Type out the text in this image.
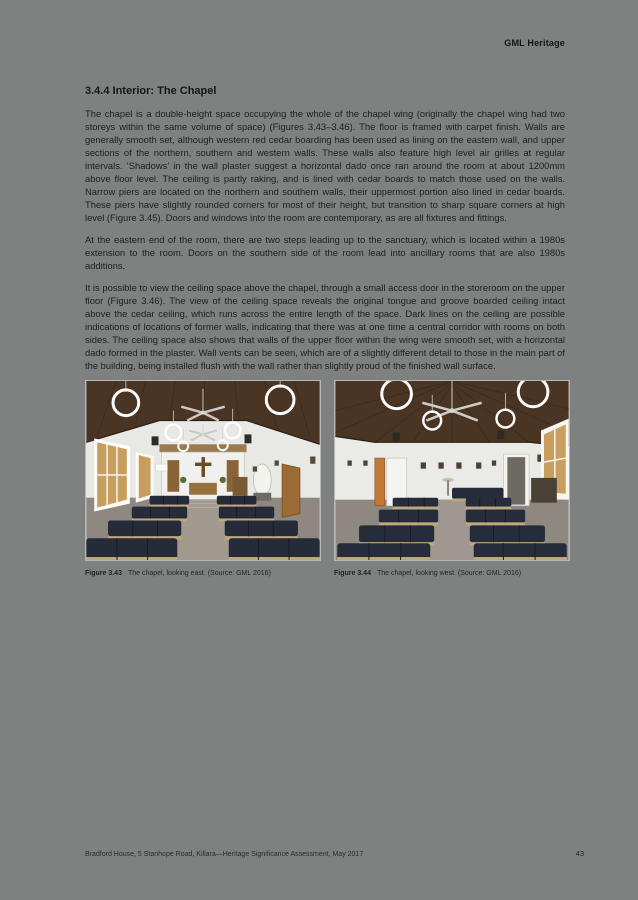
GML Heritage
3.4.4 Interior: The Chapel

The chapel is a double-height space occupying the whole of the chapel wing (originally the chapel wing had two storeys within the same volume of space) (Figures 3.43–3.46). The floor is framed with carpet finish. Walls are generally smooth set, although western red cedar boarding has been used as lining on the eastern wall, and upper sections of the northern, southern and western walls. These walls also feature high level air grilles at regular intervals. ‘Shadows’ in the wall plaster suggest a horizontal dado once ran around the room at about 1200mm above floor level. The ceiling is partly raking, and is lined with cedar boards to match those used on the walls. Narrow piers are located on the northern and southern walls, their uppermost portion also lined in cedar boards. These piers have slightly rounded corners for most of their height, but transition to sharp square corners at high level (Figure 3.45). Doors and windows into the room are contemporary, as are all fixtures and fittings.

At the eastern end of the room, there are two steps leading up to the sanctuary, which is located within a 1980s extension to the room. Doors on the southern side of the room lead into ancillary rooms that are also 1980s additions.

It is possible to view the ceiling space above the chapel, through a small access door in the storeroom on the upper floor (Figure 3.46). The view of the ceiling space reveals the original tongue and groove boarded ceiling intact above the cedar ceiling, which runs across the entire length of the space. Dark lines on the ceiling are possible indications of locations of former walls, indicating that there was at one time a central corridor with rooms on both sides. The ceiling space also shows that walls of the upper floor within the wing were smooth set, with a horizontal dado formed in the plaster. Wall vents can be seen, which are of a slightly different detail to those in the main part of the building, being installed flush with the wall rather than slightly proud of the finished wall surface.

Figure 3.43 The chapel, looking east. (Source: GML 2016)	Figure 3.44 The chapel, looking west. (Source: GML 2016)
Bradford House, 5 Stanhope Road, Killara—Heritage Significance Assessment, May 2017	43
